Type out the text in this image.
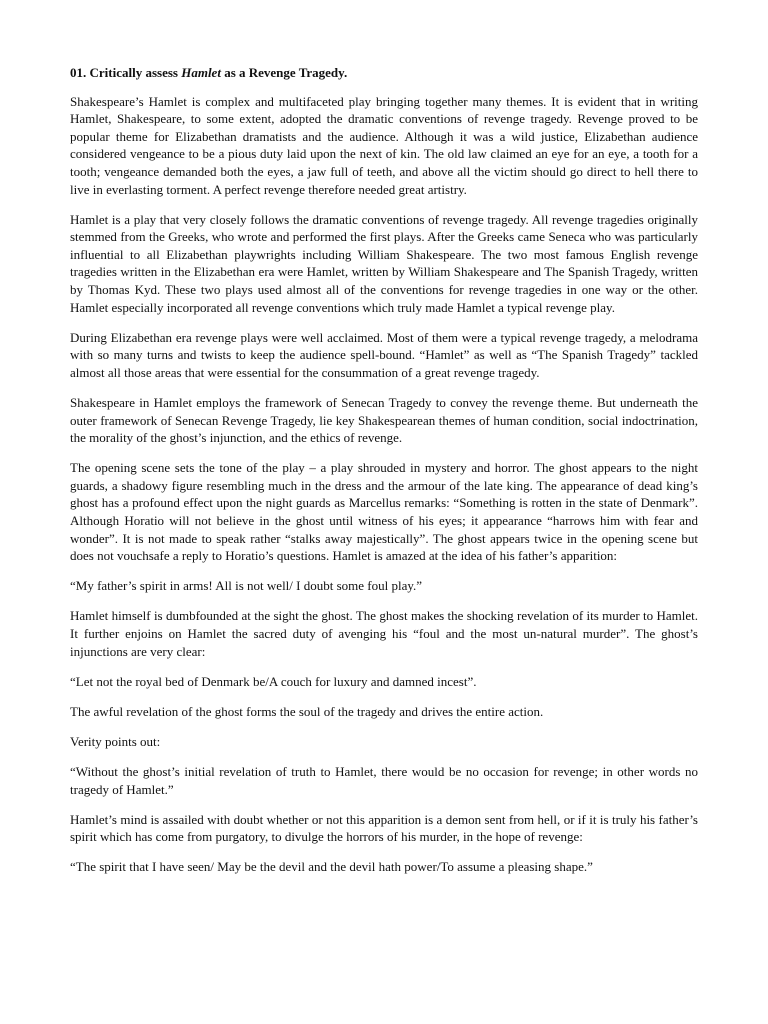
01. Critically assess Hamlet as a Revenge Tragedy.

Shakespeare’s Hamlet is complex and multifaceted play bringing together many themes. It is evident that in writing Hamlet, Shakespeare, to some extent, adopted the dramatic conventions of revenge tragedy. Revenge proved to be popular theme for Elizabethan dramatists and the audience. Although it was a wild justice, Elizabethan audience considered vengeance to be a pious duty laid upon the next of kin. The old law claimed an eye for an eye, a tooth for a tooth; vengeance demanded both the eyes, a jaw full of teeth, and above all the victim should go direct to hell there to live in everlasting torment. A perfect revenge therefore needed great artistry.

Hamlet is a play that very closely follows the dramatic conventions of revenge tragedy. All revenge tragedies originally stemmed from the Greeks, who wrote and performed the first plays. After the Greeks came Seneca who was particularly influential to all Elizabethan playwrights including William Shakespeare. The two most famous English revenge tragedies written in the Elizabethan era were Hamlet, written by William Shakespeare and The Spanish Tragedy, written by Thomas Kyd. These two plays used almost all of the conventions for revenge tragedies in one way or the other. Hamlet especially incorporated all revenge conventions which truly made Hamlet a typical revenge play.

During Elizabethan era revenge plays were well acclaimed. Most of them were a typical revenge tragedy, a melodrama with so many turns and twists to keep the audience spell-bound. “Hamlet” as well as “The Spanish Tragedy” tackled almost all those areas that were essential for the consummation of a great revenge tragedy.

Shakespeare in Hamlet employs the framework of Senecan Tragedy to convey the revenge theme. But underneath the outer framework of Senecan Revenge Tragedy, lie key Shakespearean themes of human condition, social indoctrination, the morality of the ghost’s injunction, and the ethics of revenge.

The opening scene sets the tone of the play – a play shrouded in mystery and horror. The ghost appears to the night guards, a shadowy figure resembling much in the dress and the armour of the late king. The appearance of dead king’s ghost has a profound effect upon the night guards as Marcellus remarks: “Something is rotten in the state of Denmark”. Although Horatio will not believe in the ghost until witness of his eyes; it appearance “harrows him with fear and wonder”. It is not made to speak rather “stalks away majestically”. The ghost appears twice in the opening scene but does not vouchsafe a reply to Horatio’s questions. Hamlet is amazed at the idea of his father’s apparition:

“My father’s spirit in arms! All is not well/ I doubt some foul play.”

Hamlet himself is dumbfounded at the sight the ghost. The ghost makes the shocking revelation of its murder to Hamlet. It further enjoins on Hamlet the sacred duty of avenging his “foul and the most un-natural murder”. The ghost’s injunctions are very clear:

“Let not the royal bed of Denmark be/A couch for luxury and damned incest”.

The awful revelation of the ghost forms the soul of the tragedy and drives the entire action.

Verity points out:

“Without the ghost’s initial revelation of truth to Hamlet, there would be no occasion for revenge; in other words no tragedy of Hamlet.”

Hamlet’s mind is assailed with doubt whether or not this apparition is a demon sent from hell, or if it is truly his father’s spirit which has come from purgatory, to divulge the horrors of his murder, in the hope of revenge:

“The spirit that I have seen/ May be the devil and the devil hath power/To assume a pleasing shape.”
